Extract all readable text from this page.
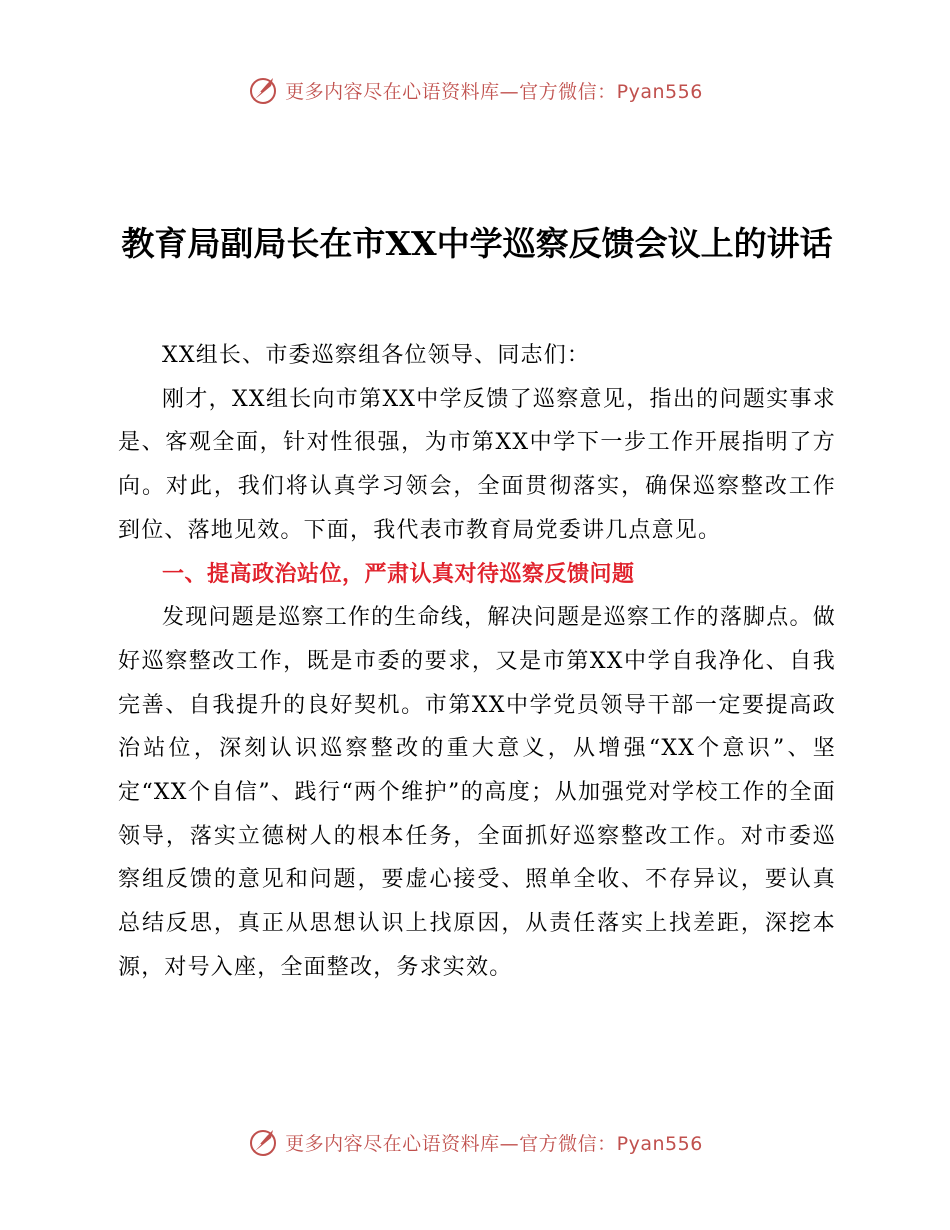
更多内容尽在心语资料库—官方微信：Pyan556
教育局副局长在市XX中学巡察反馈会议上的讲话

XX组长、市委巡察组各位领导、同志们：

刚才，XX组长向市第XX中学反馈了巡察意见，指出的问题实事求是、客观全面，针对性很强，为市第XX中学下一步工作开展指明了方向。对此，我们将认真学习领会，全面贯彻落实，确保巡察整改工作到位、落地见效。下面，我代表市教育局党委讲几点意见。

一、提高政治站位，严肃认真对待巡察反馈问题

发现问题是巡察工作的生命线，解决问题是巡察工作的落脚点。做好巡察整改工作，既是市委的要求，又是市第XX中学自我净化、自我完善、自我提升的良好契机。市第XX中学党员领导干部一定要提高政治站位，深刻认识巡察整改的重大意义，从增强“XX个意识”、坚定“XX个自信”、践行“两个维护”的高度；从加强党对学校工作的全面领导，落实立德树人的根本任务，全面抓好巡察整改工作。对市委巡察组反馈的意见和问题，要虚心接受、照单全收、不存异议，要认真总结反思，真正从思想认识上找原因，从责任落实上找差距，深挖本源，对号入座，全面整改，务求实效。

更多内容尽在心语资料库—官方微信：Pyan556
